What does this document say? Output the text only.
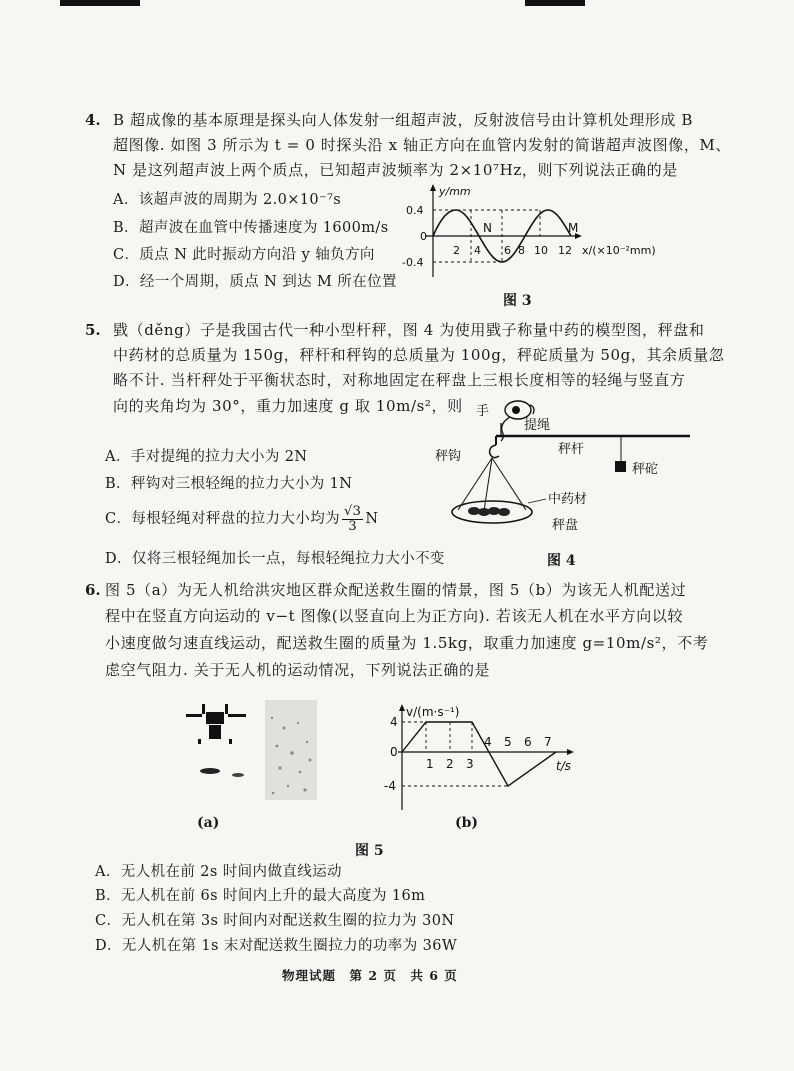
4. B 超成像的基本原理是探头向人体发射一组超声波，反射波信号由计算机处理形成 B
超图像. 如图 3 所示为 t = 0 时探头沿 x 轴正方向在血管内发射的简谐超声波图像，M、
N 是这列超声波上两个质点，已知超声波频率为 2×10⁷Hz，则下列说法正确的是
A．该超声波的周期为 2.0×10⁻⁷s
B．超声波在血管中传播速度为 1600m/s
C．质点 N 此时振动方向沿 y 轴负方向
D．经一个周期，质点 N 到达 M 所在位置
0.4
0
-0.4
2 4 6 8 10 12
N	M
y/mm
x/(×10⁻²mm)
图 3
5. 戥（děng）子是我国古代一种小型杆秤，图 4 为使用戥子称量中药的模型图，秤盘和
中药材的总质量为 150g，秤杆和秤钩的总质量为 100g，秤砣质量为 50g，其余质量忽
略不计. 当杆秤处于平衡状态时，对称地固定在秤盘上三根长度相等的轻绳与竖直方
向的夹角均为 30°，重力加速度 g 取 10m/s²，则
A．手对提绳的拉力大小为 2N
B．秤钩对三根轻绳的拉力大小为 1N
C．每根轻绳对秤盘的拉力大小均为 $\frac{√3}{3}$ N
D．仅将三根轻绳加长一点，每根轻绳拉力大小不变
手
提绳
秤杆
秤钩
秤砣
中药材
秤盘
图 4
6. 图 5（a）为无人机给洪灾地区群众配送救生圈的情景，图 5（b）为该无人机配送过
程中在竖直方向运动的 v−t 图像(以竖直向上为正方向). 若该无人机在水平方向以较
小速度做匀速直线运动，配送救生圈的质量为 1.5kg，取重力加速度 g=10m/s²，不考
虑空气阻力. 关于无人机的运动情况，下列说法正确的是
(a)
4
0
-4
1 2 3
4 5 6 7
v/(m·s⁻¹)
t/s
(b)
图 5
A．无人机在前 2s 时间内做直线运动
B．无人机在前 6s 时间内上升的最大高度为 16m
C．无人机在第 3s 时间内对配送救生圈的拉力为 30N
D．无人机在第 1s 末对配送救生圈拉力的功率为 36W
物理试题　第 2 页　共 6 页
